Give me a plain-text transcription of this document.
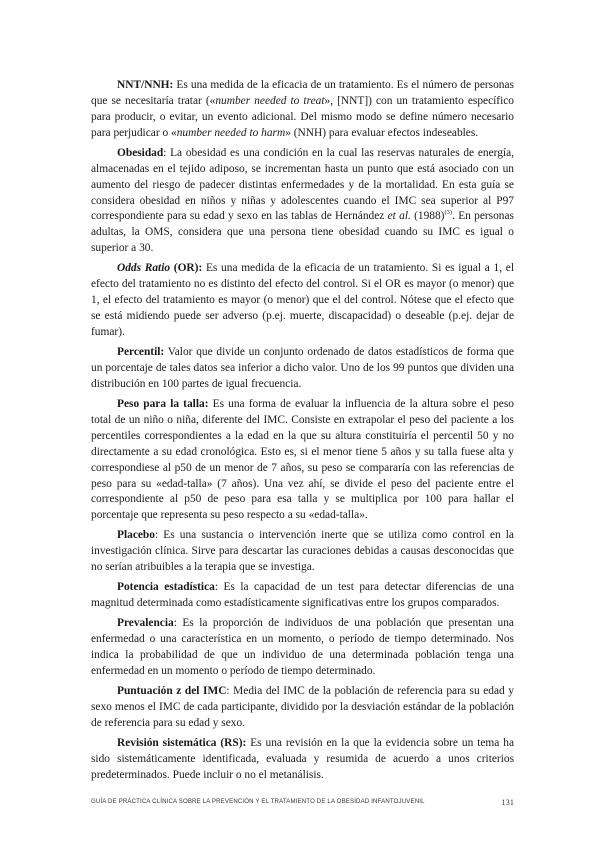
NNT/NNH: Es una medida de la eficacia de un tratamiento. Es el número de personas que se necesitaría tratar («number needed to treat», [NNT]) con un tratamiento específico para producir, o evitar, un evento adicional. Del mismo modo se define número necesario para perjudicar o «number needed to harm» (NNH) para evaluar efectos indeseables.

Obesidad: La obesidad es una condición en la cual las reservas naturales de energía, almacenadas en el tejido adiposo, se incrementan hasta un punto que está asociado con un aumento del riesgo de padecer distintas enfermedades y de la mortalidad. En esta guía se considera obesidad en niños y niñas y adolescentes cuando el IMC sea superior al P97 correspondiente para su edad y sexo en las tablas de Hernández et al. $(1988)^{(3)}$. En personas adultas, la OMS, considera que una persona tiene obesidad cuando su IMC es igual o superior a 30.

Odds Ratio (OR): Es una medida de la eficacia de un tratamiento. Si es igual a 1, el efecto del tratamiento no es distinto del efecto del control. Si el OR es mayor (o menor) que 1, el efecto del tratamiento es mayor (o menor) que el del control. Nótese que el efecto que se está midiendo puede ser adverso (p.ej. muerte, discapacidad) o deseable (p.ej. dejar de fumar).

Percentil: Valor que divide un conjunto ordenado de datos estadísticos de forma que un porcentaje de tales datos sea inferior a dicho valor. Uno de los 99 puntos que dividen una distribución en 100 partes de igual frecuencia.

Peso para la talla: Es una forma de evaluar la influencia de la altura sobre el peso total de un niño o niña, diferente del IMC. Consiste en extrapolar el peso del paciente a los percentiles correspondientes a la edad en la que su altura constituiría el percentil 50 y no directamente a su edad cronológica. Esto es, si el menor tiene 5 años y su talla fuese alta y correspondiese al p50 de un menor de 7 años, su peso se compararía con las referencias de peso para su «edad-talla» (7 años). Una vez ahí, se divide el peso del paciente entre el correspondiente al p50 de peso para esa talla y se multiplica por 100 para hallar el porcentaje que representa su peso respecto a su «edad-talla».

Placebo: Es una sustancia o intervención inerte que se utiliza como control en la investigación clínica. Sirve para descartar las curaciones debidas a causas desconocidas que no serían atribuibles a la terapia que se investiga.

Potencia estadística: Es la capacidad de un test para detectar diferencias de una magnitud determinada como estadísticamente significativas entre los grupos comparados.

Prevalencia: Es la proporción de individuos de una población que presentan una enfermedad o una característica en un momento, o período de tiempo determinado. Nos indica la probabilidad de que un individuo de una determinada población tenga una enfermedad en un momento o período de tiempo determinado.

Puntuación z del IMC: Media del IMC de la población de referencia para su edad y sexo menos el IMC de cada participante, dividido por la desviación estándar de la población de referencia para su edad y sexo.

Revisión sistemática (RS): Es una revisión en la que la evidencia sobre un tema ha sido sistemáticamente identificada, evaluada y resumida de acuerdo a unos criterios predeterminados. Puede incluir o no el metanálisis.

GUÍA DE PRÁCTICA CLÍNICA SOBRE LA PREVENCIÓN Y EL TRATAMIENTO DE LA OBESIDAD INFANTOJUVENIL	131
